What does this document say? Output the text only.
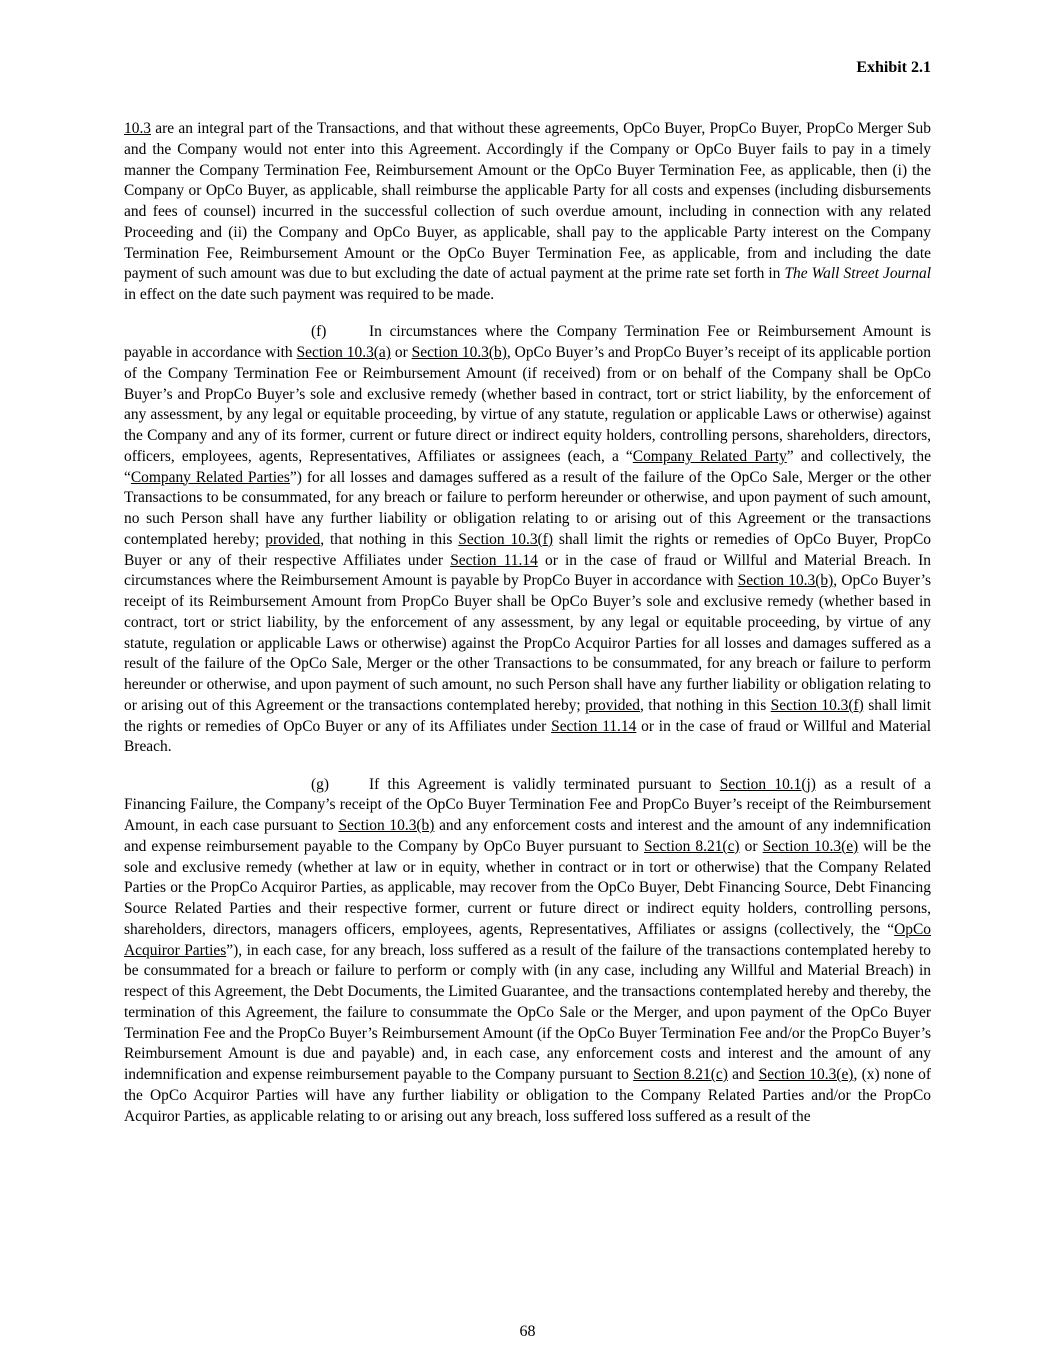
Exhibit 2.1

10.3 are an integral part of the Transactions, and that without these agreements, OpCo Buyer, PropCo Buyer, PropCo Merger Sub and the Company would not enter into this Agreement. Accordingly if the Company or OpCo Buyer fails to pay in a timely manner the Company Termination Fee, Reimbursement Amount or the OpCo Buyer Termination Fee, as applicable, then (i) the Company or OpCo Buyer, as applicable, shall reimburse the applicable Party for all costs and expenses (including disbursements and fees of counsel) incurred in the successful collection of such overdue amount, including in connection with any related Proceeding and (ii) the Company and OpCo Buyer, as applicable, shall pay to the applicable Party interest on the Company Termination Fee, Reimbursement Amount or the OpCo Buyer Termination Fee, as applicable, from and including the date payment of such amount was due to but excluding the date of actual payment at the prime rate set forth in The Wall Street Journal in effect on the date such payment was required to be made.

(f)	In circumstances where the Company Termination Fee or Reimbursement Amount is payable in accordance with Section 10.3(a) or Section 10.3(b), OpCo Buyer’s and PropCo Buyer’s receipt of its applicable portion of the Company Termination Fee or Reimbursement Amount (if received) from or on behalf of the Company shall be OpCo Buyer’s and PropCo Buyer’s sole and exclusive remedy (whether based in contract, tort or strict liability, by the enforcement of any assessment, by any legal or equitable proceeding, by virtue of any statute, regulation or applicable Laws or otherwise) against the Company and any of its former, current or future direct or indirect equity holders, controlling persons, shareholders, directors, officers, employees, agents, Representatives, Affiliates or assignees (each, a “Company Related Party” and collectively, the “Company Related Parties”) for all losses and damages suffered as a result of the failure of the OpCo Sale, Merger or the other Transactions to be consummated, for any breach or failure to perform hereunder or otherwise, and upon payment of such amount, no such Person shall have any further liability or obligation relating to or arising out of this Agreement or the transactions contemplated hereby; provided, that nothing in this Section 10.3(f) shall limit the rights or remedies of OpCo Buyer, PropCo Buyer or any of their respective Affiliates under Section 11.14 or in the case of fraud or Willful and Material Breach. In circumstances where the Reimbursement Amount is payable by PropCo Buyer in accordance with Section 10.3(b), OpCo Buyer’s receipt of its Reimbursement Amount from PropCo Buyer shall be OpCo Buyer’s sole and exclusive remedy (whether based in contract, tort or strict liability, by the enforcement of any assessment, by any legal or equitable proceeding, by virtue of any statute, regulation or applicable Laws or otherwise) against the PropCo Acquiror Parties for all losses and damages suffered as a result of the failure of the OpCo Sale, Merger or the other Transactions to be consummated, for any breach or failure to perform hereunder or otherwise, and upon payment of such amount, no such Person shall have any further liability or obligation relating to or arising out of this Agreement or the transactions contemplated hereby; provided, that nothing in this Section 10.3(f) shall limit the rights or remedies of OpCo Buyer or any of its Affiliates under Section 11.14 or in the case of fraud or Willful and Material Breach.

(g)	If this Agreement is validly terminated pursuant to Section 10.1(j) as a result of a Financing Failure, the Company’s receipt of the OpCo Buyer Termination Fee and PropCo Buyer’s receipt of the Reimbursement Amount, in each case pursuant to Section 10.3(b) and any enforcement costs and interest and the amount of any indemnification and expense reimbursement payable to the Company by OpCo Buyer pursuant to Section 8.21(c) or Section 10.3(e) will be the sole and exclusive remedy (whether at law or in equity, whether in contract or in tort or otherwise) that the Company Related Parties or the PropCo Acquiror Parties, as applicable, may recover from the OpCo Buyer, Debt Financing Source, Debt Financing Source Related Parties and their respective former, current or future direct or indirect equity holders, controlling persons, shareholders, directors, managers officers, employees, agents, Representatives, Affiliates or assigns (collectively, the “OpCo Acquiror Parties”), in each case, for any breach, loss suffered as a result of the failure of the transactions contemplated hereby to be consummated for a breach or failure to perform or comply with (in any case, including any Willful and Material Breach) in respect of this Agreement, the Debt Documents, the Limited Guarantee, and the transactions contemplated hereby and thereby, the termination of this Agreement, the failure to consummate the OpCo Sale or the Merger, and upon payment of the OpCo Buyer Termination Fee and the PropCo Buyer’s Reimbursement Amount (if the OpCo Buyer Termination Fee and/or the PropCo Buyer’s Reimbursement Amount is due and payable) and, in each case, any enforcement costs and interest and the amount of any indemnification and expense reimbursement payable to the Company pursuant to Section 8.21(c) and Section 10.3(e), (x) none of the OpCo Acquiror Parties will have any further liability or obligation to the Company Related Parties and/or the PropCo Acquiror Parties, as applicable relating to or arising out any breach, loss suffered loss suffered as a result of the

68
